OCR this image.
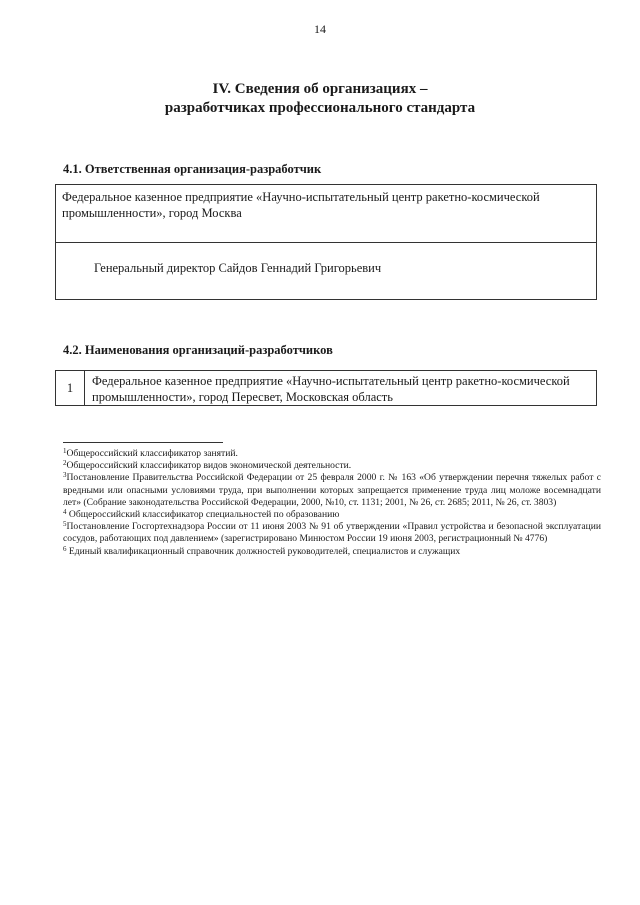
14
IV. Сведения об организациях –
разработчиках профессионального стандарта
4.1. Ответственная организация-разработчик
Федеральное казенное предприятие «Научно-испытательный центр ракетно-космической промышленности», город Москва
Генеральный директор Сайдов Геннадий Григорьевич
4.2. Наименования организаций-разработчиков
1	Федеральное казенное предприятие «Научно-испытательный центр ракетно-космической промышленности», город Пересвет, Московская область
$^1$Общероссийский классификатор занятий.
$^2$Общероссийский классификатор видов экономической деятельности.
$^3$Постановление Правительства Российской Федерации от 25 февраля 2000 г. № 163 «Об утверждении перечня тяжелых работ с вредными или опасными условиями труда, при выполнении которых запрещается применение труда лиц моложе восемнадцати лет» (Собрание законодательства Российской Федерации, 2000, №10, ст. 1131; 2001, № 26, ст. 2685; 2011, № 26, ст. 3803)
$^4$ Общероссийский классификатор специальностей по образованию
$^5$Постановление Госгортехнадзора России от 11 июня 2003 № 91 об утверждении «Правил устройства и безопасной эксплуатации сосудов, работающих под давлением» (зарегистрировано Минюстом России 19 июня 2003, регистрационный № 4776)
$^6$ Единый квалификационный справочник должностей руководителей, специалистов и служащих
